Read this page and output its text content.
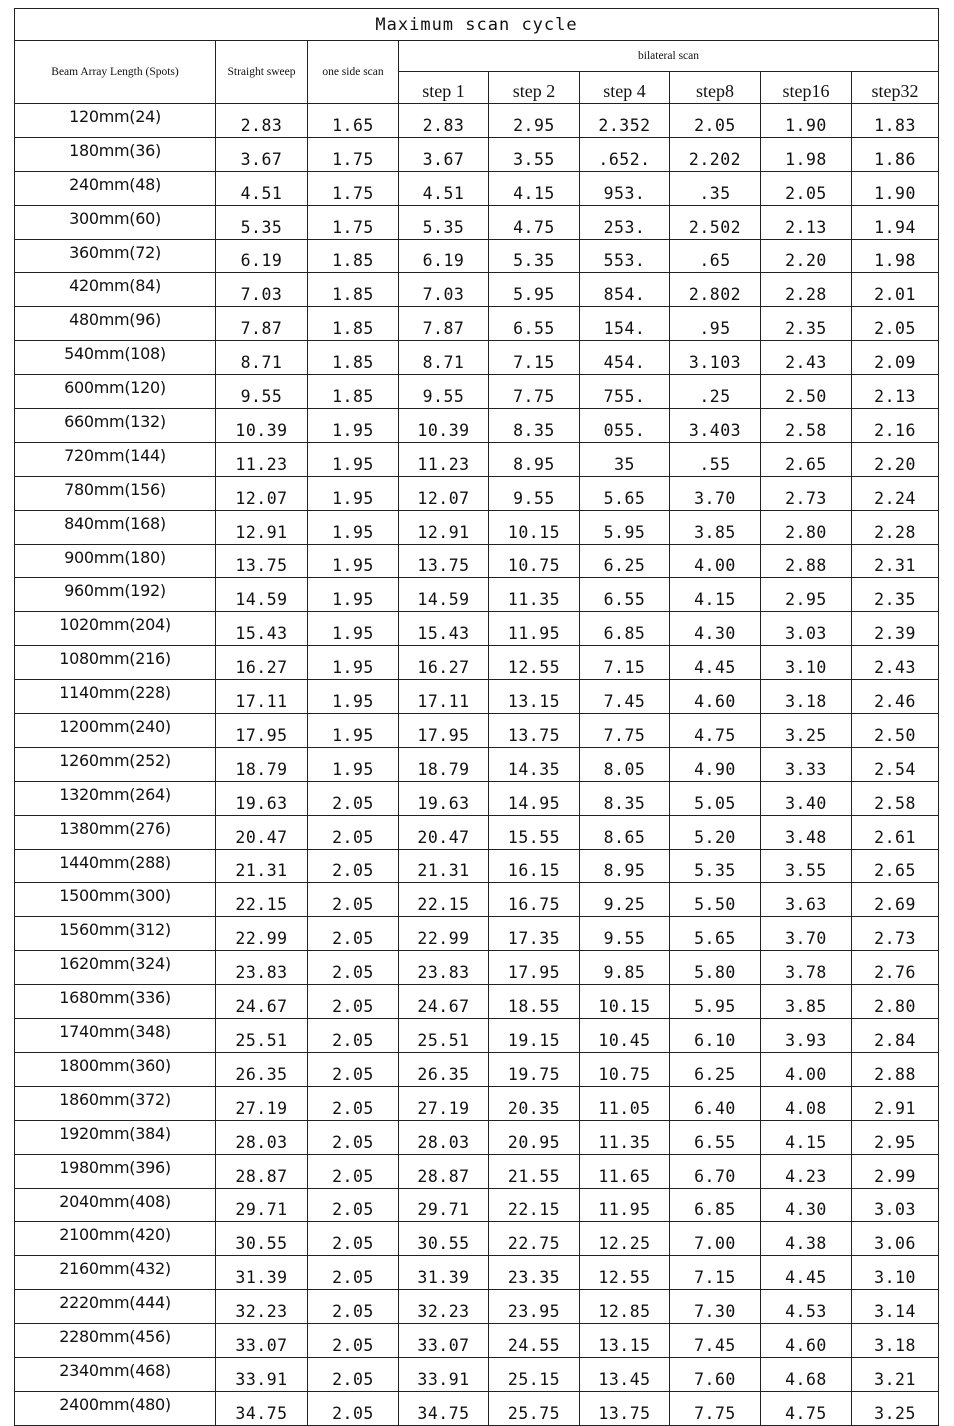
Maximum scan cycle								
Beam Array Length (Spots)	Straight sweep	one side scan	bilateral scan					
			step 1	step 2	step 4	step8	step16	step32
120mm(24)	2.83	1.65	2.83	2.95	2.352	2.05	1.90	1.83
180mm(36)	3.67	1.75	3.67	3.55	.652.	2.202	1.98	1.86
240mm(48)	4.51	1.75	4.51	4.15	953.	.35	2.05	1.90
300mm(60)	5.35	1.75	5.35	4.75	253.	2.502	2.13	1.94
360mm(72)	6.19	1.85	6.19	5.35	553.	.65	2.20	1.98
420mm(84)	7.03	1.85	7.03	5.95	854.	2.802	2.28	2.01
480mm(96)	7.87	1.85	7.87	6.55	154.	.95	2.35	2.05
540mm(108)	8.71	1.85	8.71	7.15	454.	3.103	2.43	2.09
600mm(120)	9.55	1.85	9.55	7.75	755.	.25	2.50	2.13
660mm(132)	10.39	1.95	10.39	8.35	055.	3.403	2.58	2.16
720mm(144)	11.23	1.95	11.23	8.95	35	.55	2.65	2.20
780mm(156)	12.07	1.95	12.07	9.55	5.65	3.70	2.73	2.24
840mm(168)	12.91	1.95	12.91	10.15	5.95	3.85	2.80	2.28
900mm(180)	13.75	1.95	13.75	10.75	6.25	4.00	2.88	2.31
960mm(192)	14.59	1.95	14.59	11.35	6.55	4.15	2.95	2.35
1020mm(204)	15.43	1.95	15.43	11.95	6.85	4.30	3.03	2.39
1080mm(216)	16.27	1.95	16.27	12.55	7.15	4.45	3.10	2.43
1140mm(228)	17.11	1.95	17.11	13.15	7.45	4.60	3.18	2.46
1200mm(240)	17.95	1.95	17.95	13.75	7.75	4.75	3.25	2.50
1260mm(252)	18.79	1.95	18.79	14.35	8.05	4.90	3.33	2.54
1320mm(264)	19.63	2.05	19.63	14.95	8.35	5.05	3.40	2.58
1380mm(276)	20.47	2.05	20.47	15.55	8.65	5.20	3.48	2.61
1440mm(288)	21.31	2.05	21.31	16.15	8.95	5.35	3.55	2.65
1500mm(300)	22.15	2.05	22.15	16.75	9.25	5.50	3.63	2.69
1560mm(312)	22.99	2.05	22.99	17.35	9.55	5.65	3.70	2.73
1620mm(324)	23.83	2.05	23.83	17.95	9.85	5.80	3.78	2.76
1680mm(336)	24.67	2.05	24.67	18.55	10.15	5.95	3.85	2.80
1740mm(348)	25.51	2.05	25.51	19.15	10.45	6.10	3.93	2.84
1800mm(360)	26.35	2.05	26.35	19.75	10.75	6.25	4.00	2.88
1860mm(372)	27.19	2.05	27.19	20.35	11.05	6.40	4.08	2.91
1920mm(384)	28.03	2.05	28.03	20.95	11.35	6.55	4.15	2.95
1980mm(396)	28.87	2.05	28.87	21.55	11.65	6.70	4.23	2.99
2040mm(408)	29.71	2.05	29.71	22.15	11.95	6.85	4.30	3.03
2100mm(420)	30.55	2.05	30.55	22.75	12.25	7.00	4.38	3.06
2160mm(432)	31.39	2.05	31.39	23.35	12.55	7.15	4.45	3.10
2220mm(444)	32.23	2.05	32.23	23.95	12.85	7.30	4.53	3.14
2280mm(456)	33.07	2.05	33.07	24.55	13.15	7.45	4.60	3.18
2340mm(468)	33.91	2.05	33.91	25.15	13.45	7.60	4.68	3.21
2400mm(480)	34.75	2.05	34.75	25.75	13.75	7.75	4.75	3.25
